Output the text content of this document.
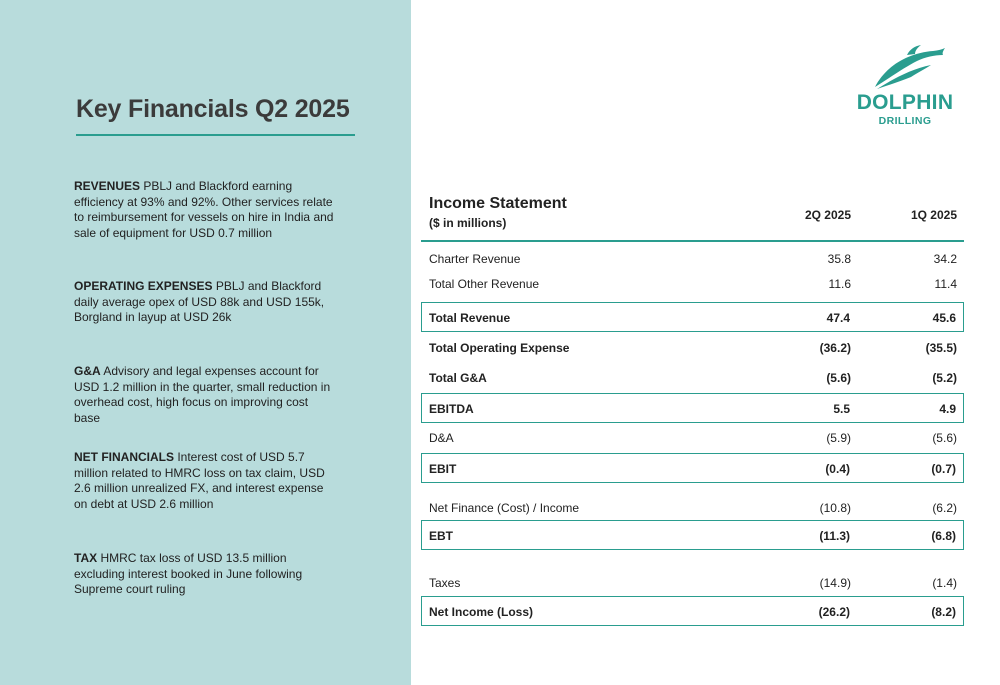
Key Financials Q2 2025
REVENUES PBLJ and Blackford earning efficiency at 93% and 92%. Other services relate to reimbursement for vessels on hire in India and sale of equipment for USD 0.7 million
OPERATING EXPENSES PBLJ and Blackford daily average opex of USD 88k and USD 155k, Borgland in layup at USD 26k
G&A Advisory and legal expenses account for USD 1.2 million in the quarter, small reduction in overhead cost, high focus on improving cost base
NET FINANCIALS Interest cost of USD 5.7 million related to HMRC loss on tax claim, USD 2.6 million unrealized FX, and interest expense on debt at USD 2.6 million
TAX HMRC tax loss of USD 13.5 million excluding interest booked in June following Supreme court ruling
DOLPHIN
DRILLING
Income Statement
($ in millions)
2Q 2025	1Q 2025
Charter Revenue	35.8	34.2
Total Other Revenue	11.6	11.4
Total Revenue	47.4	45.6
Total Operating Expense	(36.2)	(35.5)
Total G&A	(5.6)	(5.2)
EBITDA	5.5	4.9
D&A	(5.9)	(5.6)
EBIT	(0.4)	(0.7)
Net Finance (Cost) / Income	(10.8)	(6.2)
EBT	(11.3)	(6.8)
Taxes	(14.9)	(1.4)
Net Income (Loss)	(26.2)	(8.2)
